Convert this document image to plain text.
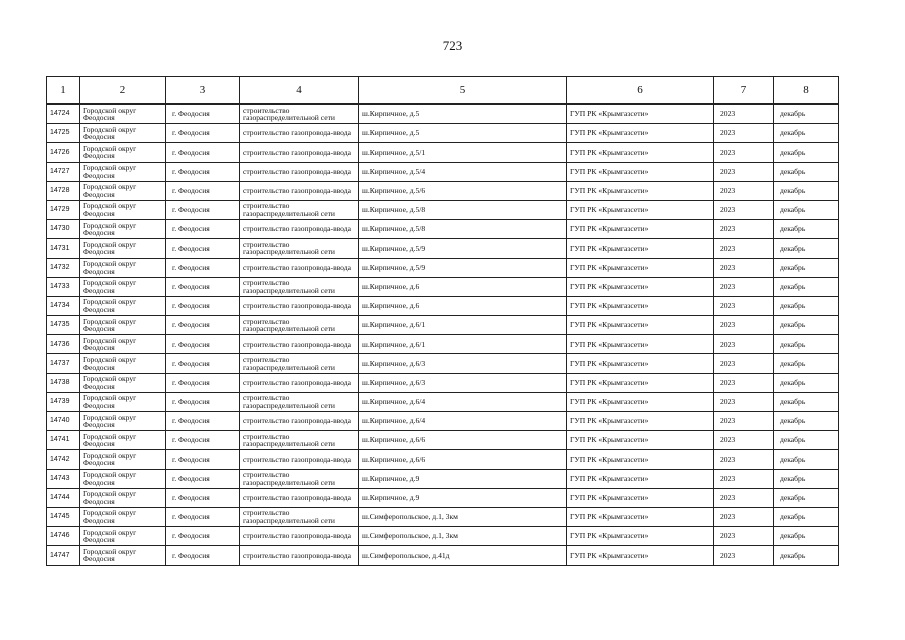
723
1	2	3	4	5	6	7	8
14724	Городской округ Феодосия	г. Феодосия	строительство газораспределительной сети	ш.Кирпичное, д.5	ГУП РК «Крымгазсети»	2023	декабрь
14725	Городской округ Феодосия	г. Феодосия	строительство газопровода-ввода	ш.Кирпичное, д.5	ГУП РК «Крымгазсети»	2023	декабрь
14726	Городской округ Феодосия	г. Феодосия	строительство газопровода-ввода	ш.Кирпичное, д.5/1	ГУП РК «Крымгазсети»	2023	декабрь
14727	Городской округ Феодосия	г. Феодосия	строительство газопровода-ввода	ш.Кирпичное, д.5/4	ГУП РК «Крымгазсети»	2023	декабрь
14728	Городской округ Феодосия	г. Феодосия	строительство газопровода-ввода	ш.Кирпичное, д.5/6	ГУП РК «Крымгазсети»	2023	декабрь
14729	Городской округ Феодосия	г. Феодосия	строительство газораспределительной сети	ш.Кирпичное, д.5/8	ГУП РК «Крымгазсети»	2023	декабрь
14730	Городской округ Феодосия	г. Феодосия	строительство газопровода-ввода	ш.Кирпичное, д.5/8	ГУП РК «Крымгазсети»	2023	декабрь
14731	Городской округ Феодосия	г. Феодосия	строительство газораспределительной сети	ш.Кирпичное, д.5/9	ГУП РК «Крымгазсети»	2023	декабрь
14732	Городской округ Феодосия	г. Феодосия	строительство газопровода-ввода	ш.Кирпичное, д.5/9	ГУП РК «Крымгазсети»	2023	декабрь
14733	Городской округ Феодосия	г. Феодосия	строительство газораспределительной сети	ш.Кирпичное, д.6	ГУП РК «Крымгазсети»	2023	декабрь
14734	Городской округ Феодосия	г. Феодосия	строительство газопровода-ввода	ш.Кирпичное, д.6	ГУП РК «Крымгазсети»	2023	декабрь
14735	Городской округ Феодосия	г. Феодосия	строительство газораспределительной сети	ш.Кирпичное, д.6/1	ГУП РК «Крымгазсети»	2023	декабрь
14736	Городской округ Феодосия	г. Феодосия	строительство газопровода-ввода	ш.Кирпичное, д.6/1	ГУП РК «Крымгазсети»	2023	декабрь
14737	Городской округ Феодосия	г. Феодосия	строительство газораспределительной сети	ш.Кирпичное, д.6/3	ГУП РК «Крымгазсети»	2023	декабрь
14738	Городской округ Феодосия	г. Феодосия	строительство газопровода-ввода	ш.Кирпичное, д.6/3	ГУП РК «Крымгазсети»	2023	декабрь
14739	Городской округ Феодосия	г. Феодосия	строительство газораспределительной сети	ш.Кирпичное, д.6/4	ГУП РК «Крымгазсети»	2023	декабрь
14740	Городской округ Феодосия	г. Феодосия	строительство газопровода-ввода	ш.Кирпичное, д.6/4	ГУП РК «Крымгазсети»	2023	декабрь
14741	Городской округ Феодосия	г. Феодосия	строительство газораспределительной сети	ш.Кирпичное, д.6/6	ГУП РК «Крымгазсети»	2023	декабрь
14742	Городской округ Феодосия	г. Феодосия	строительство газопровода-ввода	ш.Кирпичное, д.6/6	ГУП РК «Крымгазсети»	2023	декабрь
14743	Городской округ Феодосия	г. Феодосия	строительство газораспределительной сети	ш.Кирпичное, д.9	ГУП РК «Крымгазсети»	2023	декабрь
14744	Городской округ Феодосия	г. Феодосия	строительство газопровода-ввода	ш.Кирпичное, д.9	ГУП РК «Крымгазсети»	2023	декабрь
14745	Городской округ Феодосия	г. Феодосия	строительство газораспределительной сети	ш.Симферопольское, д.1, 3км	ГУП РК «Крымгазсети»	2023	декабрь
14746	Городской округ Феодосия	г. Феодосия	строительство газопровода-ввода	ш.Симферопольское, д.1, 3км	ГУП РК «Крымгазсети»	2023	декабрь
14747	Городской округ Феодосия	г. Феодосия	строительство газопровода-ввода	ш.Симферопольское, д.41д	ГУП РК «Крымгазсети»	2023	декабрь
